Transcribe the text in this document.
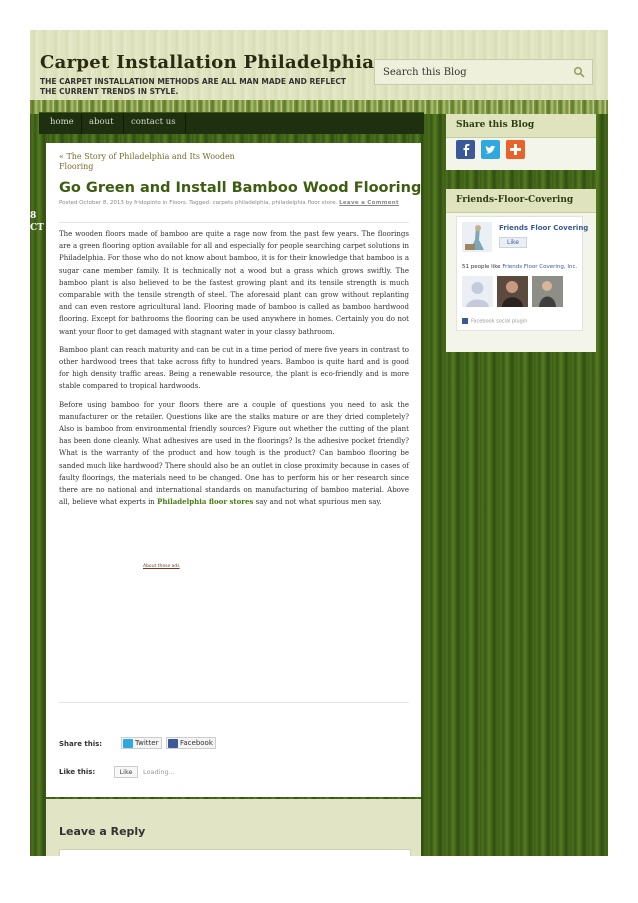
Carpet Installation Philadelphia
THE CARPET INSTALLATION METHODS ARE ALL MAN MADE AND REFLECT THE CURRENT TRENDS IN STYLE.
Search this Blog
8 CT
home about contact us
« The Story of Philadelphia and Its Wooden Flooring
Go Green and Install Bamboo Wood Flooring
Posted October 8, 2013 by fridopinto in Floors. Tagged: carpets philadelphia, philadelphia floor store. Leave a Comment

The wooden floors made of bamboo are quite a rage now from the past few years. The floorings are a green flooring option available for all and especially for people searching carpet solutions in Philadelphia. For those who do not know about bamboo, it is for their knowledge that bamboo is a sugar cane member family. It is technically not a wood but a grass which grows swiftly. The bamboo plant is also believed to be the fastest growing plant and its tensile strength is much comparable with the tensile strength of steel. The aforesaid plant can grow without replanting and can even restore agricultural land. Flooring made of bamboo is called as bamboo hardwood flooring. Except for bathrooms the flooring can be used anywhere in homes. Certainly you do not want your floor to get damaged with stagnant water in your classy bathroom.

Bamboo plant can reach maturity and can be cut in a time period of mere five years in contrast to other hardwood trees that take across fifty to hundred years. Bamboo is quite hard and is good for high density traffic areas. Being a renewable resource, the plant is eco-friendly and is more stable compared to tropical hardwoods.

Before using bamboo for your floors there are a couple of questions you need to ask the manufacturer or the retailer. Questions like are the stalks mature or are they dried completely? Also is bamboo from environmental friendly sources? Figure out whether the cutting of the plant has been done cleanly. What adhesives are used in the floorings? Is the adhesive pocket friendly? What is the warranty of the product and how tough is the product? Can bamboo flooring be sanded much like hardwood? There should also be an outlet in close proximity because in cases of faulty floorings, the materials need to be changed. One has to perform his or her research since there are no national and international standards on manufacturing of bamboo material. Above all, believe what experts in Philadelphia floor stores say and not what spurious men say.

About these ads
Share this:	Twitter	Facebook
Like this:	Like Loading...
Leave a Reply
Share this Blog

Friends-Floor-Covering
Friends Floor Covering
Like
51 people like Friends Floor Covering, Inc.
Facebook social plugin
